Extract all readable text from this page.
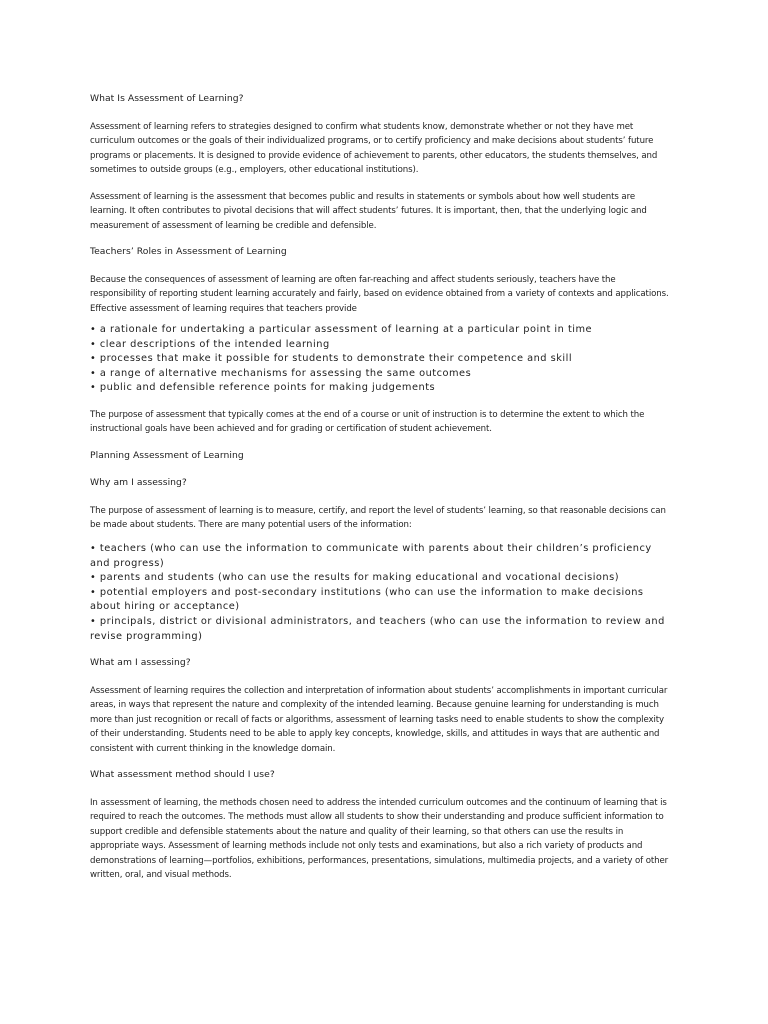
What Is Assessment of Learning?

Assessment of learning refers to strategies designed to confirm what students know, demonstrate whether or not they have met curriculum outcomes or the goals of their individualized programs, or to certify proficiency and make decisions about students’ future programs or placements. It is designed to provide evidence of achievement to parents, other educators, the students themselves, and sometimes to outside groups (e.g., employers, other educational institutions).

Assessment of learning is the assessment that becomes public and results in statements or symbols about how well students are learning. It often contributes to pivotal decisions that will affect students’ futures. It is important, then, that the underlying logic and measurement of assessment of learning be credible and defensible.

Teachers’ Roles in Assessment of Learning

Because the consequences of assessment of learning are often far-reaching and affect students seriously, teachers have the responsibility of reporting student learning accurately and fairly, based on evidence obtained from a variety of contexts and applications. Effective assessment of learning requires that teachers provide

• a rationale for undertaking a particular assessment of learning at a particular point in time
• clear descriptions of the intended learning
• processes that make it possible for students to demonstrate their competence and skill
• a range of alternative mechanisms for assessing the same outcomes
• public and defensible reference points for making judgements

The purpose of assessment that typically comes at the end of a course or unit of instruction is to determine the extent to which the instructional goals have been achieved and for grading or certification of student achievement.

Planning Assessment of Learning

Why am I assessing?

The purpose of assessment of learning is to measure, certify, and report the level of students’ learning, so that reasonable decisions can be made about students. There are many potential users of the information:

• teachers (who can use the information to communicate with parents about their children’s proficiency and progress)
• parents and students (who can use the results for making educational and vocational decisions)
• potential employers and post-secondary institutions (who can use the information to make decisions about hiring or acceptance)
• principals, district or divisional administrators, and teachers (who can use the information to review and revise programming)

What am I assessing?

Assessment of learning requires the collection and interpretation of information about students’ accomplishments in important curricular areas, in ways that represent the nature and complexity of the intended learning. Because genuine learning for understanding is much more than just recognition or recall of facts or algorithms, assessment of learning tasks need to enable students to show the complexity of their understanding. Students need to be able to apply key concepts, knowledge, skills, and attitudes in ways that are authentic and consistent with current thinking in the knowledge domain.

What assessment method should I use?

In assessment of learning, the methods chosen need to address the intended curriculum outcomes and the continuum of learning that is required to reach the outcomes. The methods must allow all students to show their understanding and produce sufficient information to support credible and defensible statements about the nature and quality of their learning, so that others can use the results in appropriate ways. Assessment of learning methods include not only tests and examinations, but also a rich variety of products and demonstrations of learning—portfolios, exhibitions, performances, presentations, simulations, multimedia projects, and a variety of other written, oral, and visual methods.
